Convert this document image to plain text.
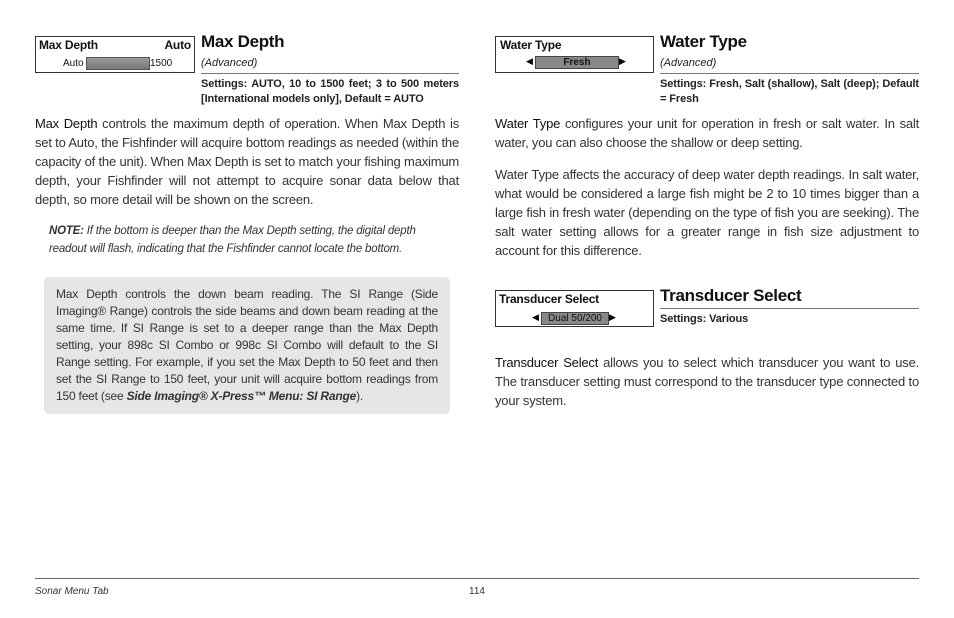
Max Depth	Auto
Auto	1500
Max Depth
(Advanced)
Settings: AUTO, 10 to 1500 feet; 3 to 500 meters [International models only], Default = AUTO
Max Depth controls the maximum depth of operation. When Max Depth is set to Auto, the Fishfinder will acquire bottom readings as needed (within the capacity of the unit). When Max Depth is set to match your fishing maximum depth, your Fishfinder will not attempt to acquire sonar data below that depth, so more detail will be shown on the screen.
NOTE: If the bottom is deeper than the Max Depth setting, the digital depth readout will flash, indicating that the Fishfinder cannot locate the bottom.
Max Depth controls the down beam reading. The SI Range (Side Imaging® Range) controls the side beams and down beam reading at the same time. If SI Range is set to a deeper range than the Max Depth setting, your 898c SI Combo or 998c SI Combo will default to the SI Range setting. For example, if you set the Max Depth to 50 feet and then set the SI Range to 150 feet, your unit will acquire bottom readings from 150 feet (see Side Imaging® X-Press™ Menu: SI Range).
Water Type
◀	Fresh	▶
Water Type
(Advanced)
Settings: Fresh, Salt (shallow), Salt (deep); Default = Fresh
Water Type configures your unit for operation in fresh or salt water. In salt water, you can also choose the shallow or deep setting.
Water Type affects the accuracy of deep water depth readings. In salt water, what would be considered a large fish might be 2 to 10 times bigger than a large fish in fresh water (depending on the type of fish you are seeking). The salt water setting allows for a greater range in fish size adjustment to account for this difference.
Transducer Select
◀ Dual 50/200 ▶
Transducer Select
Settings: Various
Transducer Select allows you to select which transducer you want to use. The transducer setting must correspond to the transducer type connected to your system.
Sonar Menu Tab	114
